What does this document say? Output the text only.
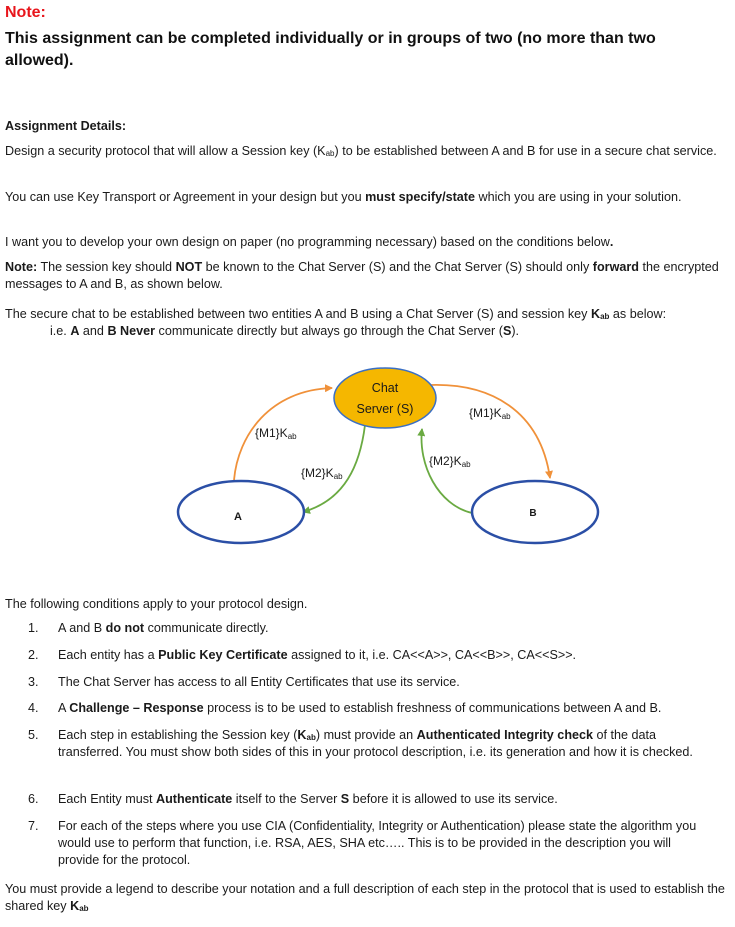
Note:
This assignment can be completed individually or in groups of two (no more than two allowed).
Assignment Details:
Design a security protocol that will allow a Session key $(K_{ab})$ to be established between A and B for use in a secure chat service.
You can use Key Transport or Agreement in your design but you must specify/state which you are using in your solution.
I want you to develop your own design on paper (no programming necessary) based on the conditions below.
Note: The session key should NOT be known to the Chat Server (S) and the Chat Server (S) should only forward the encrypted messages to A and B, as shown below.
The secure chat to be established between two entities A and B using a Chat Server (S) and session key $K_{ab}$ as below:
i.e. A and B Never communicate directly but always go through the Chat Server (S).
Chat
Server (S)
A	B
{M1}Kab
{M1}Kab
{M2}Kab
{M2}Kab
The following conditions apply to your protocol design.
1.	A and B do not communicate directly.
2.	Each entity has a Public Key Certificate assigned to it, i.e. CA<<A>>, CA<<B>>, CA<<S>>.
3.	The Chat Server has access to all Entity Certificates that use its service.
4.	A Challenge – Response process is to be used to establish freshness of communications between A and B.
5.	Each step in establishing the Session key $(K_{ab})$ must provide an Authenticated Integrity check of the data transferred. You must show both sides of this in your protocol description, i.e. its generation and how it is checked.
6.	Each Entity must Authenticate itself to the Server S before it is allowed to use its service.
7.	For each of the steps where you use CIA (Confidentiality, Integrity or Authentication) please state the algorithm you would use to perform that function, i.e. RSA, AES, SHA etc….. This is to be provided in the description you will provide for the protocol.
You must provide a legend to describe your notation and a full description of each step in the protocol that is used to establish the shared key $K_{ab}$
